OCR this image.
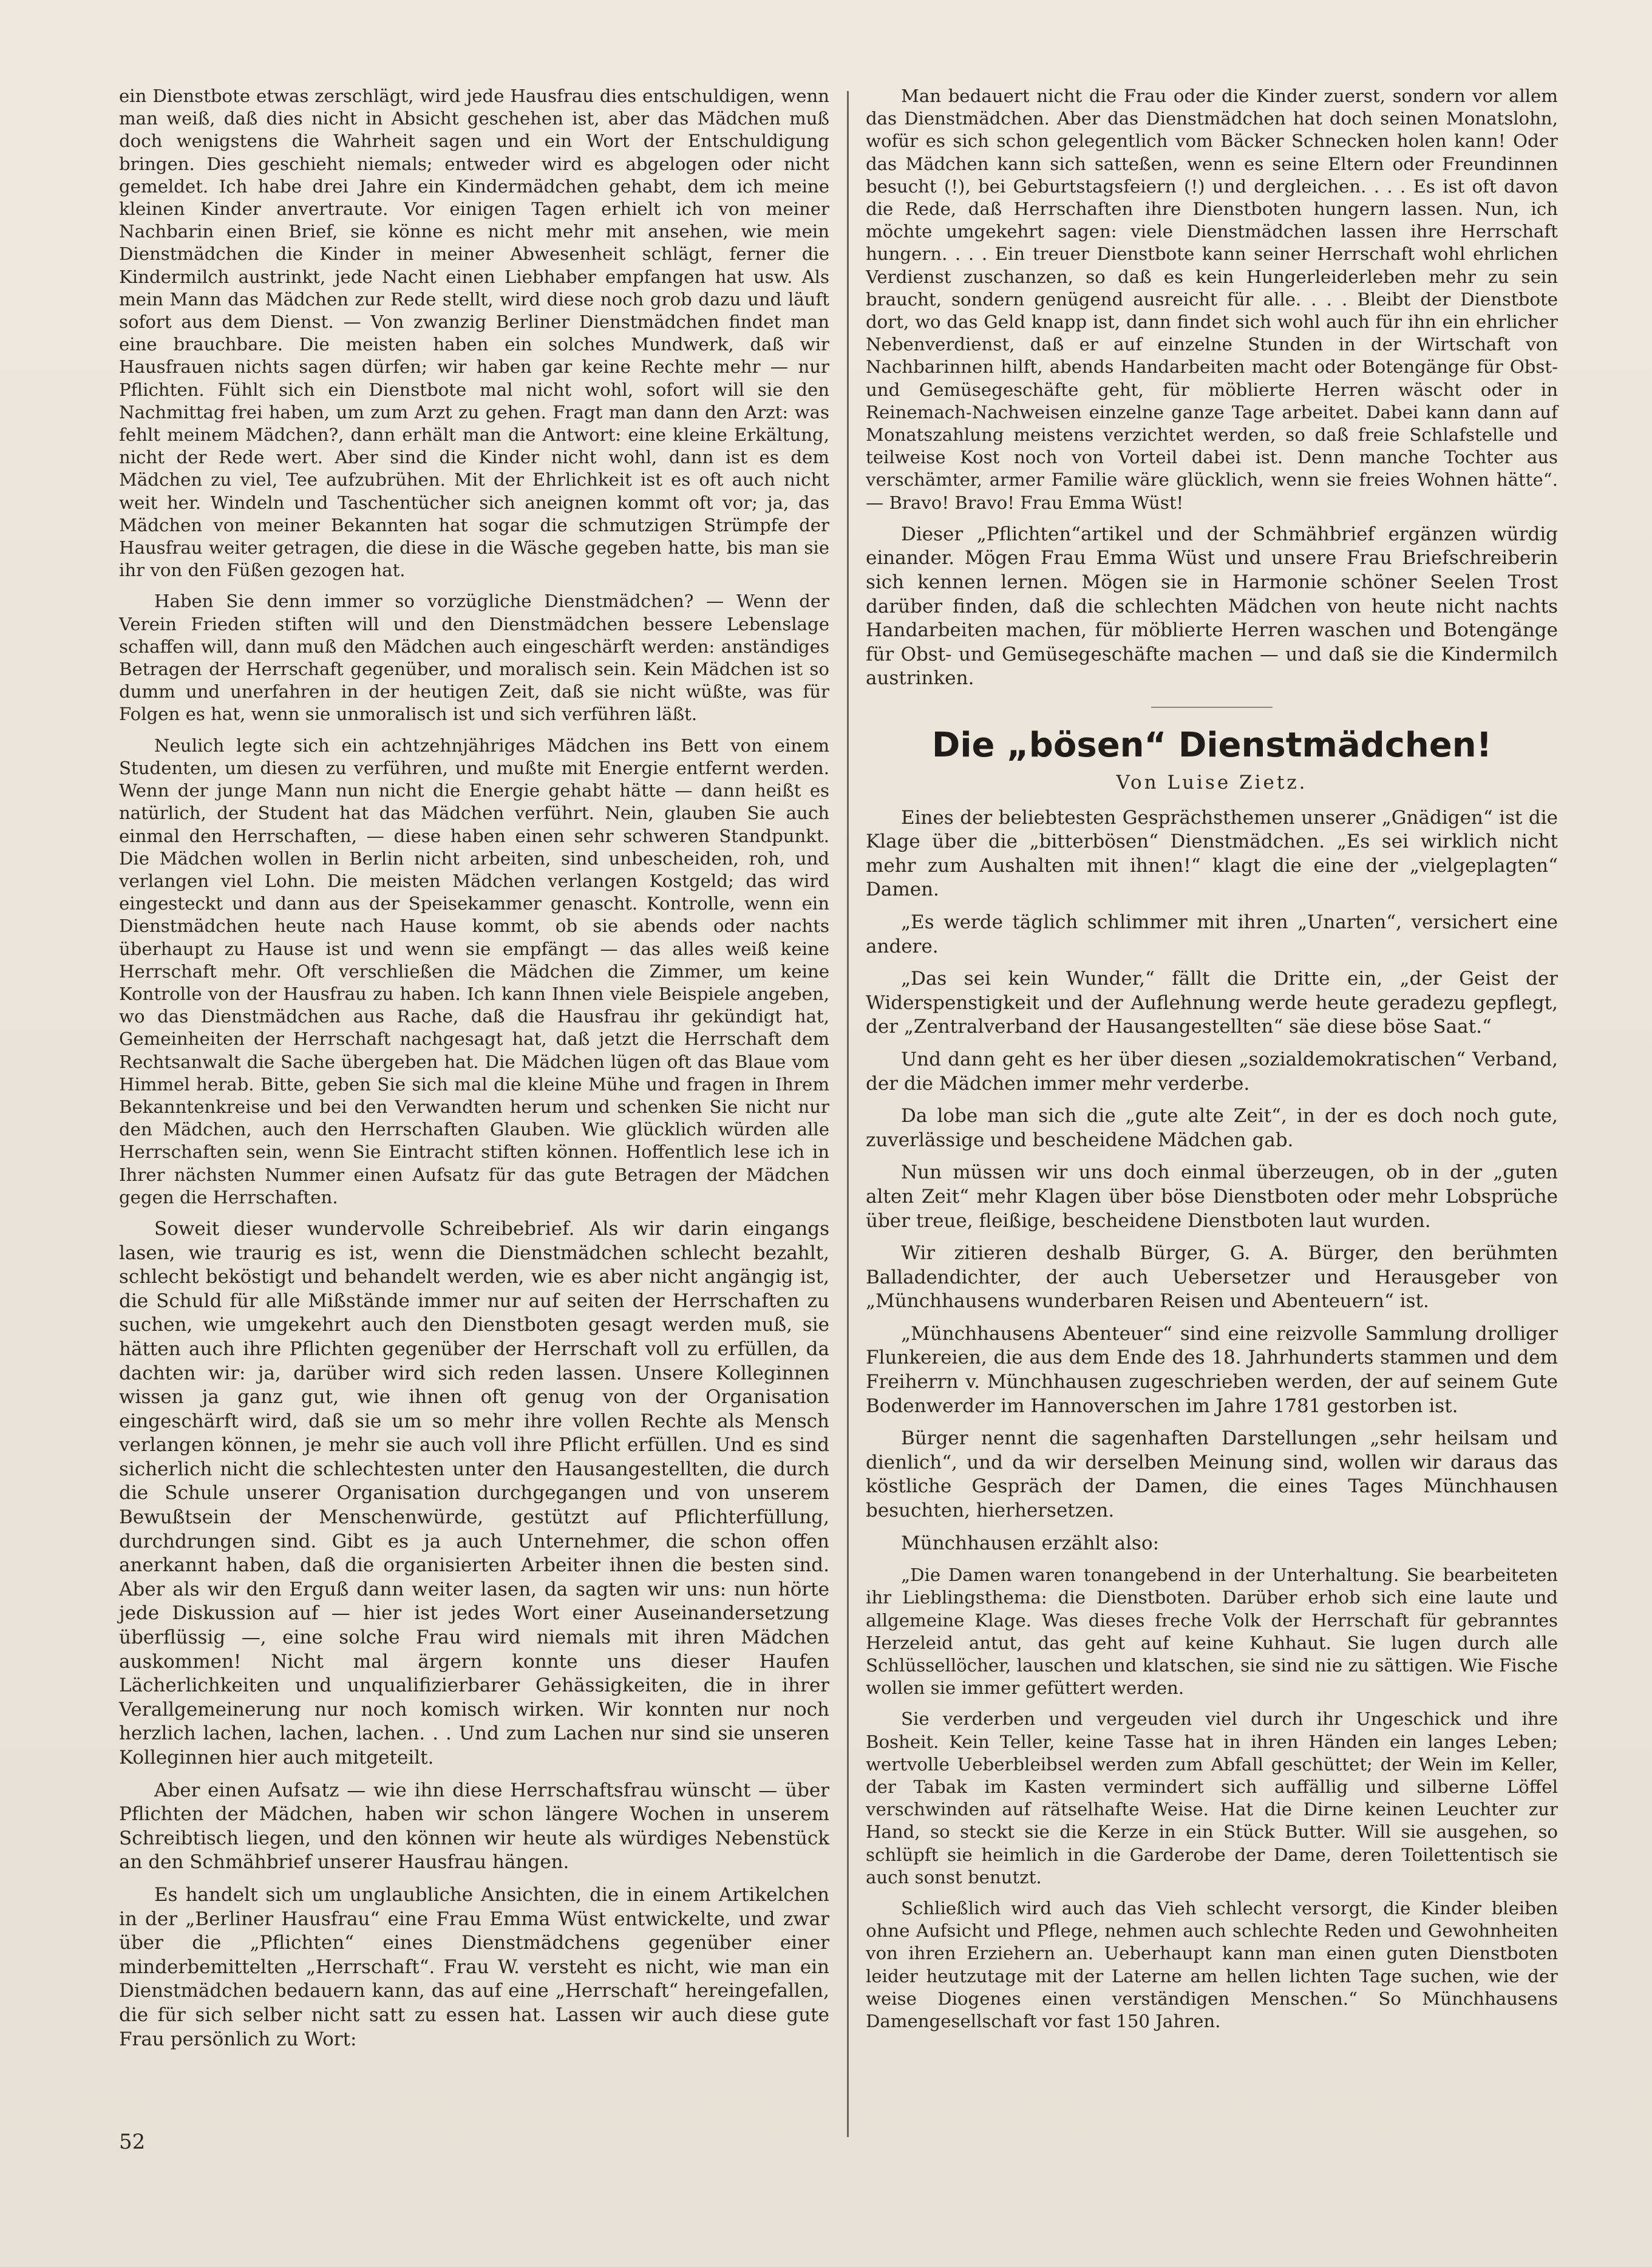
ein Dienstbote etwas zerschlägt, wird jede Hausfrau dies entschuldigen, wenn man weiß, daß dies nicht in Absicht geschehen ist, aber das Mädchen muß doch wenigstens die Wahrheit sagen und ein Wort der Entschuldigung bringen. Dies geschieht niemals; entweder wird es abgelogen oder nicht gemeldet. Ich habe drei Jahre ein Kindermädchen gehabt, dem ich meine kleinen Kinder anvertraute. Vor einigen Tagen erhielt ich von meiner Nachbarin einen Brief, sie könne es nicht mehr mit ansehen, wie mein Dienstmädchen die Kinder in meiner Abwesenheit schlägt, ferner die Kindermilch austrinkt, jede Nacht einen Liebhaber empfangen hat usw. Als mein Mann das Mädchen zur Rede stellt, wird diese noch grob dazu und läuft sofort aus dem Dienst. — Von zwanzig Berliner Dienstmädchen findet man eine brauchbare. Die meisten haben ein solches Mundwerk, daß wir Hausfrauen nichts sagen dürfen; wir haben gar keine Rechte mehr — nur Pflichten. Fühlt sich ein Dienstbote mal nicht wohl, sofort will sie den Nachmittag frei haben, um zum Arzt zu gehen. Fragt man dann den Arzt: was fehlt meinem Mädchen?, dann erhält man die Antwort: eine kleine Erkältung, nicht der Rede wert. Aber sind die Kinder nicht wohl, dann ist es dem Mädchen zu viel, Tee aufzubrühen. Mit der Ehrlichkeit ist es oft auch nicht weit her. Windeln und Taschentücher sich aneignen kommt oft vor; ja, das Mädchen von meiner Bekannten hat sogar die schmutzigen Strümpfe der Hausfrau weiter getragen, die diese in die Wäsche gegeben hatte, bis man sie ihr von den Füßen gezogen hat.

Haben Sie denn immer so vorzügliche Dienstmädchen? — Wenn der Verein Frieden stiften will und den Dienstmädchen bessere Lebenslage schaffen will, dann muß den Mädchen auch eingeschärft werden: anständiges Betragen der Herrschaft gegenüber, und moralisch sein. Kein Mädchen ist so dumm und unerfahren in der heutigen Zeit, daß sie nicht wüßte, was für Folgen es hat, wenn sie unmoralisch ist und sich verführen läßt.

Neulich legte sich ein achtzehnjähriges Mädchen ins Bett von einem Studenten, um diesen zu verführen, und mußte mit Energie entfernt werden. Wenn der junge Mann nun nicht die Energie gehabt hätte — dann heißt es natürlich, der Student hat das Mädchen verführt. Nein, glauben Sie auch einmal den Herrschaften, — diese haben einen sehr schweren Standpunkt. Die Mädchen wollen in Berlin nicht arbeiten, sind unbescheiden, roh, und verlangen viel Lohn. Die meisten Mädchen verlangen Kostgeld; das wird eingesteckt und dann aus der Speisekammer genascht. Kontrolle, wenn ein Dienstmädchen heute nach Hause kommt, ob sie abends oder nachts überhaupt zu Hause ist und wenn sie empfängt — das alles weiß keine Herrschaft mehr. Oft verschließen die Mädchen die Zimmer, um keine Kontrolle von der Hausfrau zu haben. Ich kann Ihnen viele Beispiele angeben, wo das Dienstmädchen aus Rache, daß die Hausfrau ihr gekündigt hat, Gemeinheiten der Herrschaft nachgesagt hat, daß jetzt die Herrschaft dem Rechtsanwalt die Sache übergeben hat. Die Mädchen lügen oft das Blaue vom Himmel herab. Bitte, geben Sie sich mal die kleine Mühe und fragen in Ihrem Bekanntenkreise und bei den Verwandten herum und schenken Sie nicht nur den Mädchen, auch den Herrschaften Glauben. Wie glücklich würden alle Herrschaften sein, wenn Sie Eintracht stiften können. Hoffentlich lese ich in Ihrer nächsten Nummer einen Aufsatz für das gute Betragen der Mädchen gegen die Herrschaften.

Soweit dieser wundervolle Schreibebrief. Als wir darin eingangs lasen, wie traurig es ist, wenn die Dienstmädchen schlecht bezahlt, schlecht beköstigt und behandelt werden, wie es aber nicht angängig ist, die Schuld für alle Mißstände immer nur auf seiten der Herrschaften zu suchen, wie umgekehrt auch den Dienstboten gesagt werden muß, sie hätten auch ihre Pflichten gegenüber der Herrschaft voll zu erfüllen, da dachten wir: ja, darüber wird sich reden lassen. Unsere Kolleginnen wissen ja ganz gut, wie ihnen oft genug von der Organisation eingeschärft wird, daß sie um so mehr ihre vollen Rechte als Mensch verlangen können, je mehr sie auch voll ihre Pflicht erfüllen. Und es sind sicherlich nicht die schlechtesten unter den Hausangestellten, die durch die Schule unserer Organisation durchgegangen und von unserem Bewußtsein der Menschenwürde, gestützt auf Pflichterfüllung, durchdrungen sind. Gibt es ja auch Unternehmer, die schon offen anerkannt haben, daß die organisierten Arbeiter ihnen die besten sind. Aber als wir den Erguß dann weiter lasen, da sagten wir uns: nun hörte jede Diskussion auf — hier ist jedes Wort einer Auseinandersetzung überflüssig —, eine solche Frau wird niemals mit ihren Mädchen auskommen! Nicht mal ärgern konnte uns dieser Haufen Lächerlichkeiten und unqualifizierbarer Gehässigkeiten, die in ihrer Verallgemeinerung nur noch komisch wirken. Wir konnten nur noch herzlich lachen, lachen, lachen. . . Und zum Lachen nur sind sie unseren Kolleginnen hier auch mitgeteilt.

Aber einen Aufsatz — wie ihn diese Herrschaftsfrau wünscht — über Pflichten der Mädchen, haben wir schon längere Wochen in unserem Schreibtisch liegen, und den können wir heute als würdiges Nebenstück an den Schmähbrief unserer Hausfrau hängen.

Es handelt sich um unglaubliche Ansichten, die in einem Artikelchen in der „Berliner Hausfrau“ eine Frau Emma Wüst entwickelte, und zwar über die „Pflichten“ eines Dienstmädchens gegenüber einer minderbemittelten „Herrschaft“. Frau W. versteht es nicht, wie man ein Dienstmädchen bedauern kann, das auf eine „Herrschaft“ hereingefallen, die für sich selber nicht satt zu essen hat. Lassen wir auch diese gute Frau persönlich zu Wort:

Man bedauert nicht die Frau oder die Kinder zuerst, sondern vor allem das Dienstmädchen. Aber das Dienstmädchen hat doch seinen Monatslohn, wofür es sich schon gelegentlich vom Bäcker Schnecken holen kann! Oder das Mädchen kann sich satteßen, wenn es seine Eltern oder Freundinnen besucht (!), bei Geburtstagsfeiern (!) und dergleichen. . . . Es ist oft davon die Rede, daß Herrschaften ihre Dienstboten hungern lassen. Nun, ich möchte umgekehrt sagen: viele Dienstmädchen lassen ihre Herrschaft hungern. . . . Ein treuer Dienstbote kann seiner Herrschaft wohl ehrlichen Verdienst zuschanzen, so daß es kein Hungerleiderleben mehr zu sein braucht, sondern genügend ausreicht für alle. . . . Bleibt der Dienstbote dort, wo das Geld knapp ist, dann findet sich wohl auch für ihn ein ehrlicher Nebenverdienst, daß er auf einzelne Stunden in der Wirtschaft von Nachbarinnen hilft, abends Handarbeiten macht oder Botengänge für Obst- und Gemüsegeschäfte geht, für möblierte Herren wäscht oder in Reinemach-Nachweisen einzelne ganze Tage arbeitet. Dabei kann dann auf Monatszahlung meistens verzichtet werden, so daß freie Schlafstelle und teilweise Kost noch von Vorteil dabei ist. Denn manche Tochter aus verschämter, armer Familie wäre glücklich, wenn sie freies Wohnen hätte“. — Bravo! Bravo! Frau Emma Wüst!

Dieser „Pflichten“artikel und der Schmähbrief ergänzen würdig einander. Mögen Frau Emma Wüst und unsere Frau Briefschreiberin sich kennen lernen. Mögen sie in Harmonie schöner Seelen Trost darüber finden, daß die schlechten Mädchen von heute nicht nachts Handarbeiten machen, für möblierte Herren waschen und Botengänge für Obst- und Gemüsegeschäfte machen — und daß sie die Kindermilch austrinken.

Die „bösen“ Dienstmädchen!
Von Luise Zietz.

Eines der beliebtesten Gesprächsthemen unserer „Gnädigen“ ist die Klage über die „bitterbösen“ Dienstmädchen. „Es sei wirklich nicht mehr zum Aushalten mit ihnen!“ klagt die eine der „vielgeplagten“ Damen.

„Es werde täglich schlimmer mit ihren „Unarten“, versichert eine andere.

„Das sei kein Wunder,“ fällt die Dritte ein, „der Geist der Widerspenstigkeit und der Auflehnung werde heute geradezu gepflegt, der „Zentralverband der Hausangestellten“ säe diese böse Saat.“

Und dann geht es her über diesen „sozialdemokratischen“ Verband, der die Mädchen immer mehr verderbe.

Da lobe man sich die „gute alte Zeit“, in der es doch noch gute, zuverlässige und bescheidene Mädchen gab.

Nun müssen wir uns doch einmal überzeugen, ob in der „guten alten Zeit“ mehr Klagen über böse Dienstboten oder mehr Lobsprüche über treue, fleißige, bescheidene Dienstboten laut wurden.

Wir zitieren deshalb Bürger, G. A. Bürger, den berühmten Balladendichter, der auch Uebersetzer und Herausgeber von „Münchhausens wunderbaren Reisen und Abenteuern“ ist.

„Münchhausens Abenteuer“ sind eine reizvolle Sammlung drolliger Flunkereien, die aus dem Ende des 18. Jahrhunderts stammen und dem Freiherrn v. Münchhausen zugeschrieben werden, der auf seinem Gute Bodenwerder im Hannoverschen im Jahre 1781 gestorben ist.

Bürger nennt die sagenhaften Darstellungen „sehr heilsam und dienlich“, und da wir derselben Meinung sind, wollen wir daraus das köstliche Gespräch der Damen, die eines Tages Münchhausen besuchten, hierhersetzen.

Münchhausen erzählt also:

„Die Damen waren tonangebend in der Unterhaltung. Sie bearbeiteten ihr Lieblingsthema: die Dienstboten. Darüber erhob sich eine laute und allgemeine Klage. Was dieses freche Volk der Herrschaft für gebranntes Herzeleid antut, das geht auf keine Kuhhaut. Sie lugen durch alle Schlüssellöcher, lauschen und klatschen, sie sind nie zu sättigen. Wie Fische wollen sie immer gefüttert werden.

Sie verderben und vergeuden viel durch ihr Ungeschick und ihre Bosheit. Kein Teller, keine Tasse hat in ihren Händen ein langes Leben; wertvolle Ueberbleibsel werden zum Abfall geschüttet; der Wein im Keller, der Tabak im Kasten vermindert sich auffällig und silberne Löffel verschwinden auf rätselhafte Weise. Hat die Dirne keinen Leuchter zur Hand, so steckt sie die Kerze in ein Stück Butter. Will sie ausgehen, so schlüpft sie heimlich in die Garderobe der Dame, deren Toilettentisch sie auch sonst benutzt.

Schließlich wird auch das Vieh schlecht versorgt, die Kinder bleiben ohne Aufsicht und Pflege, nehmen auch schlechte Reden und Gewohnheiten von ihren Erziehern an. Ueberhaupt kann man einen guten Dienstboten leider heutzutage mit der Laterne am hellen lichten Tage suchen, wie der weise Diogenes einen verständigen Menschen.“ So Münchhausens Damengesellschaft vor fast 150 Jahren.

52
